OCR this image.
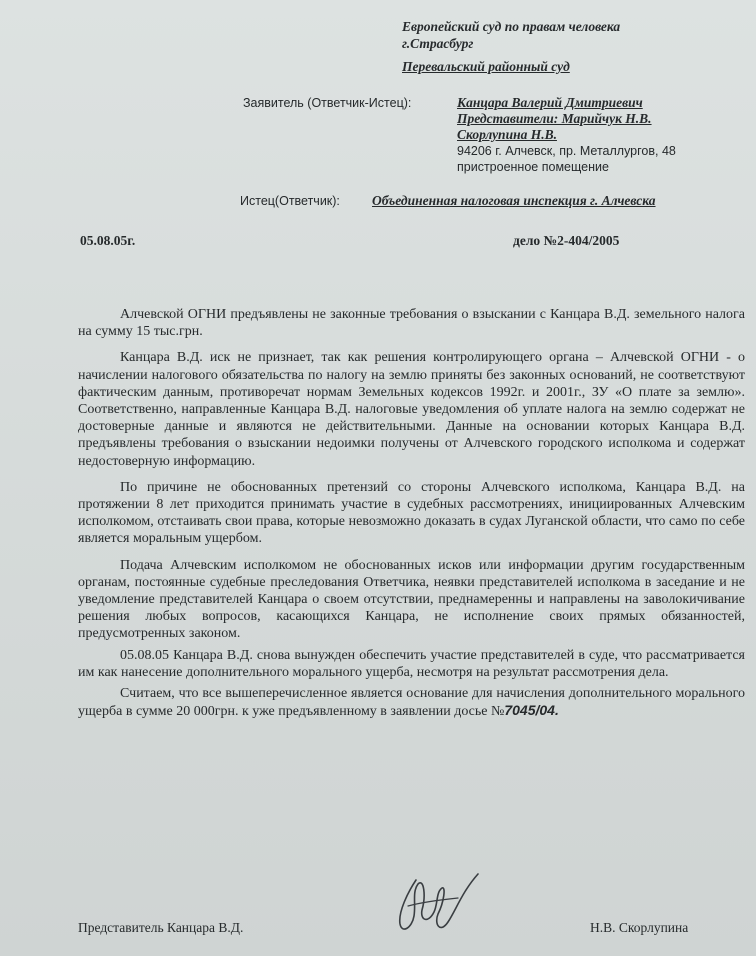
Европейский суд по правам человека
г.Страсбург
Перевальский районный суд
Заявитель (Ответчик-Истец):	Канцара Валерий Дмитриевич
Представители: Марийчук Н.В.
Скорлупина Н.В.
94206 г. Алчевск, пр. Металлургов, 48
пристроенное помещение
Истец(Ответчик): Объединенная налоговая инспекция г. Алчевска
05.08.05г.	дело №2-404/2005

Алчевской ОГНИ предъявлены не законные требования о взыскании с Канцара В.Д. земельного налога на сумму 15 тыс.грн.

Канцара В.Д. иск не признает, так как решения контролирующего органа – Алчевской ОГНИ - о начислении налогового обязательства по налогу на землю приняты без законных оснований, не соответствуют фактическим данным, противоречат нормам Земельных кодексов 1992г. и 2001г., ЗУ «О плате за землю». Соответственно, направленные Канцара В.Д. налоговые уведомления об уплате налога на землю содержат не достоверные данные и являются не действительными. Данные на основании которых Канцара В.Д. предъявлены требования о взыскании недоимки получены от Алчевского городского исполкома и содержат недостоверную информацию.

По причине не обоснованных претензий со стороны Алчевского исполкома, Канцара В.Д. на протяжении 8 лет приходится принимать участие в судебных рассмотрениях, инициированных Алчевским исполкомом, отстаивать свои права, которые невозможно доказать в судах Луганской области, что само по себе является моральным ущербом.

Подача Алчевским исполкомом не обоснованных исков или информации другим государственным органам, постоянные судебные преследования Ответчика, неявки представителей исполкома в заседание и не уведомление представителей Канцара о своем отсутствии, преднамеренны и направлены на заволокичивание решения любых вопросов, касающихся Канцара, не исполнение своих прямых обязанностей, предусмотренных законом.

05.08.05 Канцара В.Д. снова вынужден обеспечить участие представителей в суде, что рассматривается им как нанесение дополнительного морального ущерба, несмотря на результат рассмотрения дела.

Считаем, что все вышеперечисленное является основание для начисления дополнительного морального ущерба в сумме 20 000грн. к уже предъявленному в заявлении досье №7045/04.

Представитель Канцара В.Д.	Н.В. Скорлупина
